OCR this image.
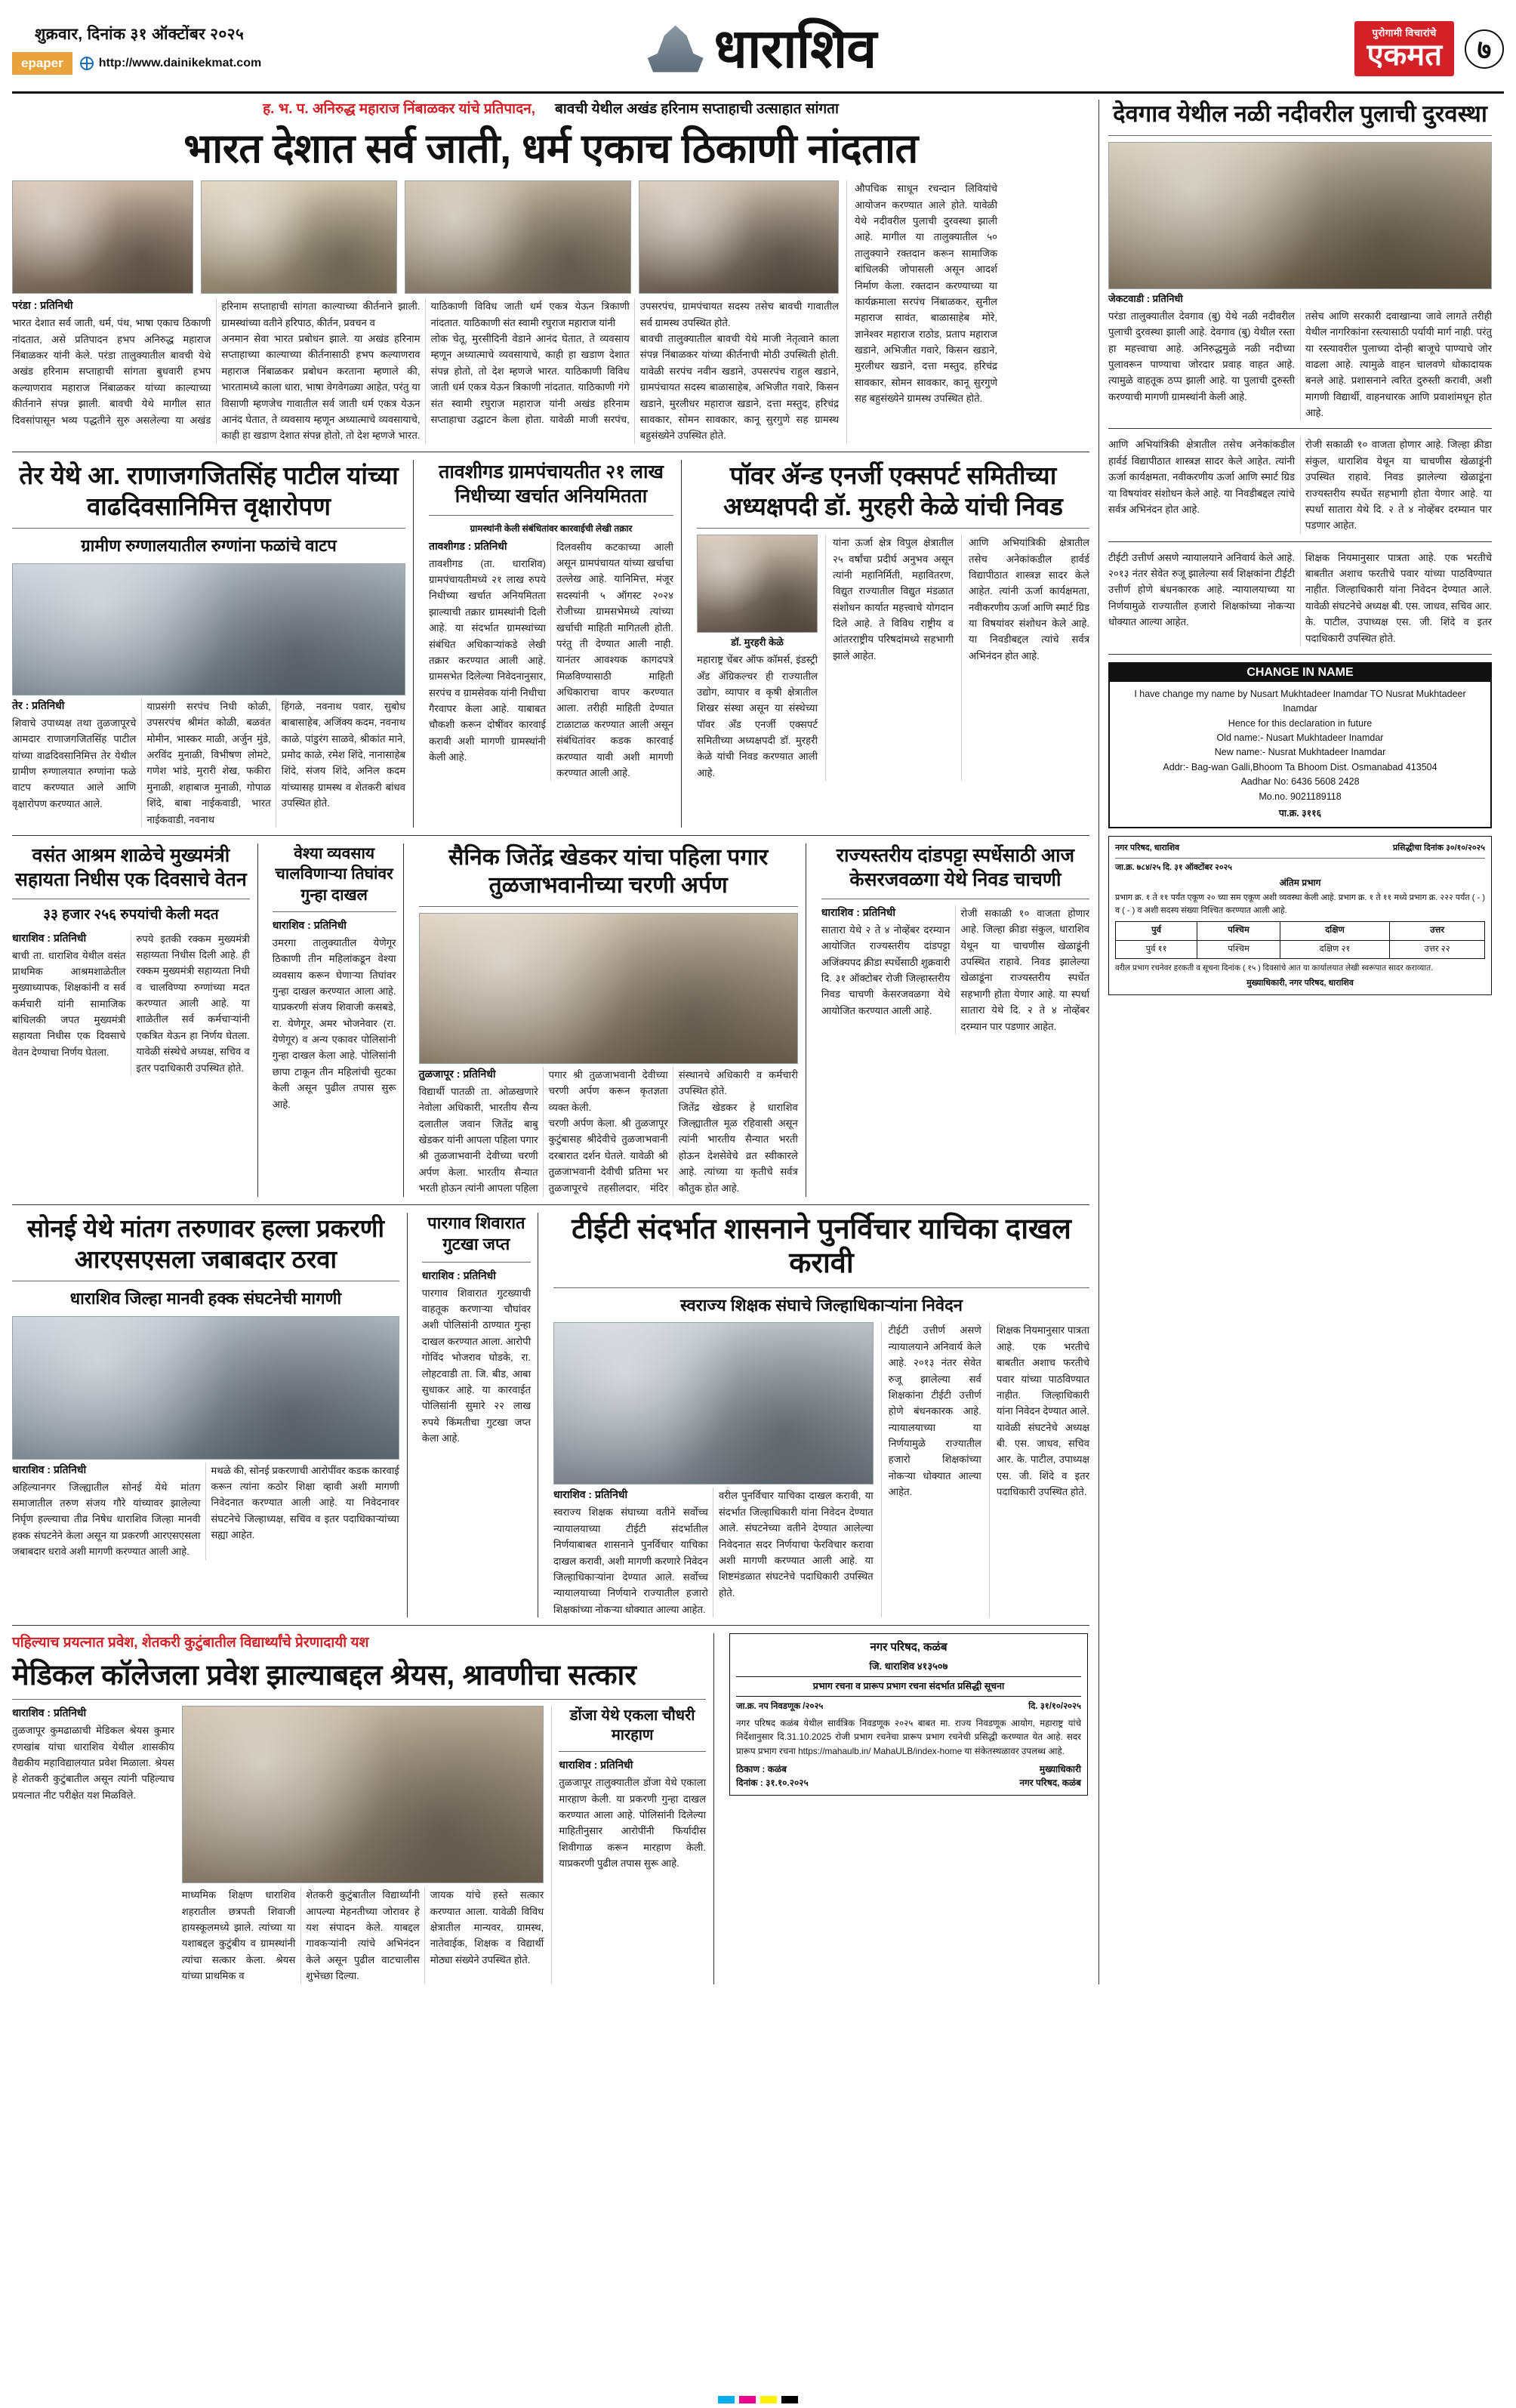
शुक्रवार, दिनांक ३१ ऑक्टोंबर २०२५
epaper	http://www.dainikekmat.com	धाराशिव	पुरोगामी विचारांचे
एकमत	७
ह. भ. प. अनिरुद्ध महाराज निंबाळकर यांचे प्रतिपादन, बावची येथील अखंड हरिनाम सप्ताहाची उत्साहात सांगता
भारत देशात सर्व जाती, धर्म एकाच ठिकाणी नांदतात
परंडा : प्रतिनिधी
भारत देशात सर्व जाती, धर्म, पंथ, भाषा एकाच ठिकाणी नांदतात, असे प्रतिपादन हभप अनिरुद्ध महाराज निंबाळकर यांनी केले. परंडा तालुक्यातील बावची येथे अखंड हरिनाम सप्ताहाची सांगता बुधवारी हभप कल्याणराव महाराज निंबाळकर यांच्या काल्याच्या कीर्तनाने संपन्न झाली. बावची येथे मागील सात दिवसांपासून भव्य पद्धतीने सुरु असलेल्या या अखंड हरिनाम सप्ताहाची सांगता काल्याच्या कीर्तनाने झाली. ग्रामस्थांच्या वतीने हरिपाठ, कीर्तन, प्रवचन व
अनमान सेवा भारत प्रबोधन झाले. या अखंड हरिनाम सप्ताहाच्या काल्याच्या कीर्तनासाठी हभप कल्याणराव महाराज निंबाळकर प्रबोधन करताना म्हणाले की, भारतामध्ये काला धारा, भाषा वेगवेगळ्या आहेत, परंतु या विसाणी म्हणजेच गावातील सर्व जाती धर्म एकत्र येऊन आनंद घेतात, ते व्यवसाय म्हणून अध्यात्माचे व्यवसायाचे, काही हा खडाण देशात संपन्न होतो, तो देश म्हणजे भारत. याठिकाणी विविध जाती धर्म एकत्र येऊन त्रिकाणी नांदतात. याठिकाणी संत स्वामी रघुराज महाराज यांनी
लोक चेतू, मुरसीदिनी वेडाने आनंद घेतात, ते व्यवसाय म्हणून अध्यात्माचे व्यवसायाचे, काही हा खडाण देशात संपन्न होतो, तो देश म्हणजे भारत. याठिकाणी विविध जाती धर्म एकत्र येऊन त्रिकाणी नांदतात. याठिकाणी गंगे संत स्वामी रघुराज महाराज यांनी अखंड हरिनाम सप्ताहाचा उद्घाटन केला होता. यावेळी माजी सरपंच, उपसरपंच, ग्रामपंचायत सदस्य तसेच बावची गावातील सर्व ग्रामस्थ उपस्थित होते.
बावची तालुक्यातील बावची येथे माजी नेतृत्वाने काला संपन्न निंबाळकर यांच्या कीर्तनाची मोठी उपस्थिती होती. यावेळी सरपंच नवीन खडाने, उपसरपंच राहुल खडाने, ग्रामपंचायत सदस्य बाळासाहेब, अभिजीत गवारे, किसन खडाने, मुरलीधर महाराज खडाने, दत्ता मस्तुद, हरिचंद्र सावकार, सोमन सावकार, कानू सुरगुणे सह ग्रामस्थ बहुसंख्येने उपस्थित होते.
औपचिक साधून रचन्दान लिवियांचे आयोजन करण्यात आले होते. यावेळी येथे नदीवरील पुलाची दुरवस्था झाली आहे. मागील या तालुक्यातील ५० तालुक्याने रक्तदान करून सामाजिक बांधिलकी जोपासली असून आदर्श निर्माण केला. रक्तदान करण्याच्या या कार्यक्रमाला सरपंच निंबाळकर, सुनील महाराज सावंत, बाळासाहेब मोरे, ज्ञानेश्वर महाराज राठोड, प्रताप महाराज खडाने, अभिजीत गवारे, किसन खडाने, मुरलीधर खडाने, दत्ता मस्तुद, हरिचंद्र सावकार, सोमन सावकार, कानू सुरगुणे सह बहुसंख्येने ग्रामस्थ उपस्थित होते.
तेर येथे आ. राणाजगजितसिंह पाटील यांच्या वाढदिवसानिमित्त वृक्षारोपण
ग्रामीण रुग्णालयातील रुग्णांना फळांचे वाटप
तेर : प्रतिनिधी
शिवाचे उपाध्यक्ष तथा तुळजापूरचे आमदार राणाजगजितसिंह पाटील यांच्या वाढदिवसानिमित्त तेर येथील ग्रामीण रुग्णालयात रुग्णांना फळे वाटप करण्यात आले आणि वृक्षारोपण करण्यात आले.
याप्रसंगी सरपंच निधी कोळी, उपसरपंच श्रीमंत कोळी, बळवंत मोमीन, भास्कर माळी, अर्जुन मुंडे, अरविंद मुनाळी, विभीषण लोमटे, गणेश भांडे, मुरारी शेख, फकीरा मुनाळी, शहाबाज मुनाळी, गोपाळ शिंदे, बाबा नाईकवाडी, भारत नाईकवाडी, नवनाथ
हिंगळे, नवनाथ पवार, सुबोध बाबासाहेब, अजिंक्य कदम, नवनाथ काळे, पांडुरंग साळवे, श्रीकांत माने, प्रमोद काळे, रमेश शिंदे, नानासाहेब शिंदे, संजय शिंदे, अनिल कदम यांच्यासह ग्रामस्थ व शेतकरी बांधव उपस्थित होते.
तावशीगड ग्रामपंचायतीत २१ लाख निधीच्या खर्चात अनियमितता
ग्रामस्थांनी केली संबंधितांवर कारवाईची लेखी तक्रार
तावशीगड : प्रतिनिधी
तावशीगड (ता. धाराशिव) ग्रामपंचायतीमध्ये २१ लाख रुपये निधीच्या खर्चात अनियमितता झाल्याची तक्रार ग्रामस्थांनी दिली आहे. या संदर्भात ग्रामस्थांच्या संबंधित अधिकाऱ्यांकडे लेखी तक्रार करण्यात आली आहे. ग्रामसभेत दिलेल्या निवेदनानुसार, सरपंच व ग्रामसेवक यांनी निधीचा गैरवापर केला आहे. याबाबत चौकशी करून दोषींवर कारवाई करावी अशी मागणी ग्रामस्थांनी केली आहे.
दिलवसीय कटकाच्या आली असून ग्रामपंचायत यांच्या खर्चाचा उल्लेख आहे. यानिमित्त, मंजूर सदस्यांनी ५ ऑगस्ट २०२४ रोजीच्या ग्रामसभेमध्ये त्यांच्या खर्चाची माहिती मागितली होती. परंतु ती देण्यात आली नाही. यानंतर आवश्यक कागदपत्रे मिळविण्यासाठी माहिती अधिकाराचा वापर करण्यात आला. तरीही माहिती देण्यात टाळाटाळ करण्यात आली असून संबंधितांवर कडक कारवाई करण्यात यावी अशी मागणी करण्यात आली आहे.
पॉवर ॲन्ड एनर्जी एक्सपर्ट समितीच्या अध्यक्षपदी डॉ. मुरहरी केळे यांची निवड
डॉ. मुरहरी केळे
महाराष्ट्र चेंबर ऑफ कॉमर्स, इंडस्ट्री अँड ॲग्रिकल्चर ही राज्यातील उद्योग, व्यापार व कृषी क्षेत्रातील शिखर संस्था असून या संस्थेच्या पॉवर अँड एनर्जी एक्सपर्ट समितीच्या अध्यक्षपदी डॉ. मुरहरी केळे यांची निवड करण्यात आली आहे.
यांना ऊर्जा क्षेत्र विपुल क्षेत्रातील २५ वर्षांचा प्रदीर्घ अनुभव असून त्यांनी महानिर्मिती, महावितरण, विद्युत राज्यातील विद्युत मंडळात संशोधन कार्यात महत्त्वाचे योगदान दिले आहे. ते विविध राष्ट्रीय व आंतरराष्ट्रीय परिषदांमध्ये सहभागी झाले आहेत.
आणि अभियांत्रिकी क्षेत्रातील तसेच अनेकांकडील हार्वर्ड विद्यापीठात शास्त्रज्ञ सादर केले आहेत. त्यांनी ऊर्जा कार्यक्षमता, नवीकरणीय ऊर्जा आणि स्मार्ट ग्रिड या विषयांवर संशोधन केले आहे. या निवडीबद्दल त्यांचे सर्वत्र अभिनंदन होत आहे.
वसंत आश्रम शाळेचे मुख्यमंत्री सहायता निधीस एक दिवसाचे वेतन
३३ हजार २५६ रुपयांची केली मदत
धाराशिव : प्रतिनिधी
बाची ता. धाराशिव येथील वसंत प्राथमिक आश्रमशाळेतील मुख्याध्यापक, शिक्षकांनी व सर्व कर्मचारी यांनी सामाजिक बांधिलकी जपत मुख्यमंत्री सहायता निधीस एक दिवसाचे वेतन देण्याचा निर्णय घेतला.
रुपये इतकी रक्कम मुख्यमंत्री सहाय्यता निधीस दिली आहे. ही रक्कम मुख्यमंत्री सहाय्यता निधी व चालविण्या रुग्णांच्या मदत करण्यात आली आहे. या शाळेतील सर्व कर्मचाऱ्यांनी एकत्रित येऊन हा निर्णय घेतला. यावेळी संस्थेचे अध्यक्ष, सचिव व इतर पदाधिकारी उपस्थित होते.
वेश्या व्यवसाय चालविणाऱ्या तिघांवर गुन्हा दाखल
धाराशिव : प्रतिनिधी
उमरगा तालुक्यातील येणेगूर ठिकाणी तीन महिलांकडून वेश्या व्यवसाय करून घेणाऱ्या तिघांवर गुन्हा दाखल करण्यात आला आहे. याप्रकरणी संजय शिवाजी कसबडे, रा. येणेगूर, अमर भोजनेवार (रा. येणेगूर) व अन्य एकावर पोलिसांनी गुन्हा दाखल केला आहे. पोलिसांनी छापा टाकून तीन महिलांची सुटका केली असून पुढील तपास सुरू आहे.
सैनिक जितेंद्र खेडकर यांचा पहिला पगार तुळजाभवानीच्या चरणी अर्पण
तुळजापूर : प्रतिनिधी
विद्यार्थी पातळी ता. ओळखणारे नेवोला अधिकारी, भारतीय सैन्य दलातील जवान जितेंद्र बाबु खेडकर यांनी आपला पहिला पगार श्री तुळजाभवानी देवीच्या चरणी अर्पण केला. भारतीय सैन्यात भरती होऊन त्यांनी आपला पहिला पगार श्री तुळजाभवानी देवीच्या चरणी अर्पण करून कृतज्ञता व्यक्त केली.
चरणी अर्पण केला. श्री तुळजापूर कुटुंबासह श्रीदेवीचे तुळजाभवानी दरबारात दर्शन घेतले. यावेळी श्री तुळजाभवानी देवीची प्रतिमा भर तुळजापूरचे तहसीलदार, मंदिर संस्थानचे अधिकारी व कर्मचारी उपस्थित होते.
जितेंद्र खेडकर हे धाराशिव जिल्ह्यातील मूळ रहिवासी असून त्यांनी भारतीय सैन्यात भरती होऊन देशसेवेचे व्रत स्वीकारले आहे. त्यांच्या या कृतीचे सर्वत्र कौतुक होत आहे.
राज्यस्तरीय दांडपट्टा स्पर्धेसाठी आज केसरजवळगा येथे निवड चाचणी
धाराशिव : प्रतिनिधी
सातारा येथे २ ते ४ नोव्हेंबर दरम्यान आयोजित राज्यस्तरीय दांडपट्टा अजिंक्यपद क्रीडा स्पर्धेसाठी शुक्रवारी दि. ३१ ऑक्टोबर रोजी जिल्हास्तरीय निवड चाचणी केसरजवळगा येथे आयोजित करण्यात आली आहे.
रोजी सकाळी १० वाजता होणार आहे. जिल्हा क्रीडा संकुल, धाराशिव येथून या चाचणीस खेळाडूंनी उपस्थित राहावे. निवड झालेल्या खेळाडूंना राज्यस्तरीय स्पर्धेत सहभागी होता येणार आहे. या स्पर्धा सातारा येथे दि. २ ते ४ नोव्हेंबर दरम्यान पार पडणार आहेत.
सोनई येथे मांतग तरुणावर हल्ला प्रकरणी आरएसएसला जबाबदार ठरवा
धाराशिव जिल्हा मानवी हक्क संघटनेची मागणी
धाराशिव : प्रतिनिधी
अहिल्यानगर जिल्ह्यातील सोनई येथे मांतग समाजातील तरुण संजय गौरे यांच्यावर झालेल्या निर्घृण हल्ल्याचा तीव्र निषेध धाराशिव जिल्हा मानवी हक्क संघटनेने केला असून या प्रकरणी आरएसएसला जबाबदार धरावे अशी मागणी करण्यात आली आहे.
मथळे की, सोनई प्रकरणाची आरोपींवर कडक कारवाई करून त्यांना कठोर शिक्षा व्हावी अशी मागणी निवेदनात करण्यात आली आहे. या निवेदनावर संघटनेचे जिल्हाध्यक्ष, सचिव व इतर पदाधिकाऱ्यांच्या सह्या आहेत.
पारगाव शिवारात गुटखा जप्त
धाराशिव : प्रतिनिधी
पारगाव शिवारात गुटख्याची वाहतूक करणाऱ्या चौघांवर अशी पोलिसांनी ठाण्यात गुन्हा दाखल करण्यात आला. आरोपी गोविंद भोजराव घोडके, रा. लोहटवाडी ता. जि. बीड, आबा सुधाकर आहे. या कारवाईत पोलिसांनी सुमारे २२ लाख रुपये किंमतीचा गुटखा जप्त केला आहे.
टीईटी संदर्भात शासनाने पुनर्विचार याचिका दाखल करावी
स्वराज्य शिक्षक संघाचे जिल्हाधिकाऱ्यांना निवेदन
धाराशिव : प्रतिनिधी
स्वराज्य शिक्षक संघाच्या वतीने सर्वोच्च न्यायालयाच्या टीईटी संदर्भातील निर्णयाबाबत शासनाने पुनर्विचार याचिका दाखल करावी, अशी मागणी करणारे निवेदन जिल्हाधिकाऱ्यांना देण्यात आले. सर्वोच्च न्यायालयाच्या निर्णयाने राज्यातील हजारो शिक्षकांच्या नोकऱ्या धोक्यात आल्या आहेत.
वरील पुनर्विचार याचिका दाखल करावी, या संदर्भात जिल्हाधिकारी यांना निवेदन देण्यात आले. संघटनेच्या वतीने देण्यात आलेल्या निवेदनात सदर निर्णयाचा फेरविचार करावा अशी मागणी करण्यात आली आहे. या शिष्टमंडळात संघटनेचे पदाधिकारी उपस्थित होते.
टीईटी उत्तीर्ण असणे न्यायालयाने अनिवार्य केले आहे. २०१३ नंतर सेवेत रुजू झालेल्या सर्व शिक्षकांना टीईटी उत्तीर्ण होणे बंधनकारक आहे. न्यायालयाच्या या निर्णयामुळे राज्यातील हजारो शिक्षकांच्या नोकऱ्या धोक्यात आल्या आहेत.
शिक्षक नियमानुसार पात्रता आहे. एक भरतीचे बाबतीत अशाच फरतीचे पवार यांच्या पाठविण्यात नाहीत. जिल्हाधिकारी यांना निवेदन देण्यात आले. यावेळी संघटनेचे अध्यक्ष बी. एस. जाधव, सचिव आर. के. पाटील, उपाध्यक्ष एस. जी. शिंदे व इतर पदाधिकारी उपस्थित होते.
पहिल्याच प्रयत्नात प्रवेश, शेतकरी कुटुंबातील विद्यार्थ्यांचे प्रेरणादायी यश
मेडिकल कॉलेजला प्रवेश झाल्याबद्दल श्रेयस, श्रावणीचा सत्कार
धाराशिव : प्रतिनिधी
तुळजापूर कुमढाळाची मेडिकल श्रेयस कुमार रणखांब यांचा धाराशिव येथील शासकीय वैद्यकीय महाविद्यालयात प्रवेश मिळाला. श्रेयस हे शेतकरी कुटुंबातील असून त्यांनी पहिल्याच प्रयत्नात नीट परीक्षेत यश मिळविले.
माध्यमिक शिक्षण धाराशिव शहरातील छत्रपती शिवाजी हायस्कूलमध्ये झाले. त्यांच्या या यशाबद्दल कुटुंबीय व ग्रामस्थांनी त्यांचा सत्कार केला. श्रेयस यांच्या प्राथमिक व
शेतकरी कुटुंबातील विद्यार्थ्यांनी आपल्या मेहनतीच्या जोरावर हे यश संपादन केले. याबद्दल गावकऱ्यांनी त्यांचे अभिनंदन केले असून पुढील वाटचालीस शुभेच्छा दिल्या.
जायक यांचे हस्ते सत्कार करण्यात आला. यावेळी विविध क्षेत्रातील मान्यवर, ग्रामस्थ, नातेवाईक, शिक्षक व विद्यार्थी मोठ्या संख्येने उपस्थित होते.
डोंजा येथे एकला चौधरी मारहाण
धाराशिव : प्रतिनिधी
तुळजापूर तालुक्यातील डोंजा येथे एकाला मारहाण केली. या प्रकरणी गुन्हा दाखल करण्यात आला आहे. पोलिसांनी दिलेल्या माहितीनुसार आरोपींनी फिर्यादीस शिवीगाळ करून मारहाण केली. याप्रकरणी पुढील तपास सुरू आहे.
नगर परिषद, कळंब
जि. धाराशिव ४१३५०७
प्रभाग रचना व प्रारूप प्रभाग रचना संदर्भात प्रसिद्धी सूचना
जा.क्र. नप निवडणूक /२०२५	दि. ३१/१०/२०२५
नगर परिषद कळंब येथील सार्वत्रिक निवडणूक २०२५ बाबत मा. राज्य निवडणूक आयोग, महाराष्ट्र यांचे निर्देशानुसार दि.31.10.2025 रोजी प्रभाग रचनेचा प्रारूप प्रभाग रचनेची प्रसिद्धी करण्यात येत आहे. सदर प्रारूप प्रभाग रचना https://mahaulb.in/ MahaULB/index-home या संकेतस्थळावर उपलब्ध आहे.
ठिकाण : कळंब
दिनांक : ३१.१०.२०२५
मुख्याधिकारी
नगर परिषद, कळंब
देवगाव येथील नळी नदीवरील पुलाची दुरवस्था
जेकटवाडी : प्रतिनिधी
परंडा तालुक्यातील देवगाव (बु) येथे नळी नदीवरील पुलाची दुरवस्था झाली आहे. देवगाव (बु) येथील रस्ता हा महत्त्वाचा आहे. अनिरुद्धमुळे नळी नदीच्या पुलावरून पाण्याचा जोरदार प्रवाह वाहत आहे. त्यामुळे वाहतूक ठप्प झाली आहे. या पुलाची दुरुस्ती करण्याची मागणी ग्रामस्थांनी केली आहे.
तसेच आणि सरकारी दवाखान्या जावे लागते तरीही येथील नागरिकांना रस्त्यासाठी पर्यायी मार्ग नाही. परंतु या रस्त्यावरील पुलाच्या दोन्ही बाजूचे पाण्याचे जोर वाढला आहे. त्यामुळे वाहन चालवणे धोकादायक बनले आहे. प्रशासनाने त्वरित दुरुस्ती करावी, अशी मागणी विद्यार्थी, वाहनधारक आणि प्रवाशांमधून होत आहे.
आणि अभियांत्रिकी क्षेत्रातील तसेच अनेकांकडील हार्वर्ड विद्यापीठात शास्त्रज्ञ सादर केले आहेत. त्यांनी ऊर्जा कार्यक्षमता, नवीकरणीय ऊर्जा आणि स्मार्ट ग्रिड या विषयांवर संशोधन केले आहे. या निवडीबद्दल त्यांचे सर्वत्र अभिनंदन होत आहे.
रोजी सकाळी १० वाजता होणार आहे. जिल्हा क्रीडा संकुल, धाराशिव येथून या चाचणीस खेळाडूंनी उपस्थित राहावे. निवड झालेल्या खेळाडूंना राज्यस्तरीय स्पर्धेत सहभागी होता येणार आहे. या स्पर्धा सातारा येथे दि. २ ते ४ नोव्हेंबर दरम्यान पार पडणार आहेत.
टीईटी उत्तीर्ण असणे न्यायालयाने अनिवार्य केले आहे. २०१३ नंतर सेवेत रुजू झालेल्या सर्व शिक्षकांना टीईटी उत्तीर्ण होणे बंधनकारक आहे. न्यायालयाच्या या निर्णयामुळे राज्यातील हजारो शिक्षकांच्या नोकऱ्या धोक्यात आल्या आहेत.
शिक्षक नियमानुसार पात्रता आहे. एक भरतीचे बाबतीत अशाच फरतीचे पवार यांच्या पाठविण्यात नाहीत. जिल्हाधिकारी यांना निवेदन देण्यात आले. यावेळी संघटनेचे अध्यक्ष बी. एस. जाधव, सचिव आर. के. पाटील, उपाध्यक्ष एस. जी. शिंदे व इतर पदाधिकारी उपस्थित होते.
CHANGE IN NAME
I have change my name by Nusart Mukhtadeer Inamdar TO Nusrat Mukhtadeer Inamdar
Hence for this declaration in future
Old name:- Nusart Mukhtadeer Inamdar
New name:- Nusrat Mukhtadeer Inamdar
Addr:- Bag-wan Galli,Bhoom Ta Bhoom Dist. Osmanabad 413504
Aadhar No: 6436 5608 2428
Mo.no. 9021189118
पा.क्र. ३११६
नगर परिषद, धाराशिव	प्रसिद्धीचा दिनांक ३०/१०/२०२५
जा.क्र. ७८४/२५ दि. ३१ ऑक्टोंबर २०२५
अंतिम प्रभाग
प्रभाग क्र. १ ते ११ पर्यंत एकूण २० च्या सम एकूण अशी व्यवस्था केली आहे. प्रभाग क्र. १ ते ११ मध्ये प्रभाग क्र. २२२ पर्यंत ( - ) व ( - ) व अशी सदस्य संख्या निश्चित करण्यात आली आहे.
पुर्व	पश्चिम	दक्षिण	उत्तर
पुर्व ११	पश्चिम	दक्षिण २१	उत्तर २२
वरील प्रभाग रचनेवर हरकती व सूचना दिनांक ( १५ ) दिवसांचे आत या कार्यालयात लेखी स्वरूपात सादर कराव्यात.
मुख्याधिकारी, नगर परिषद, धाराशिव
